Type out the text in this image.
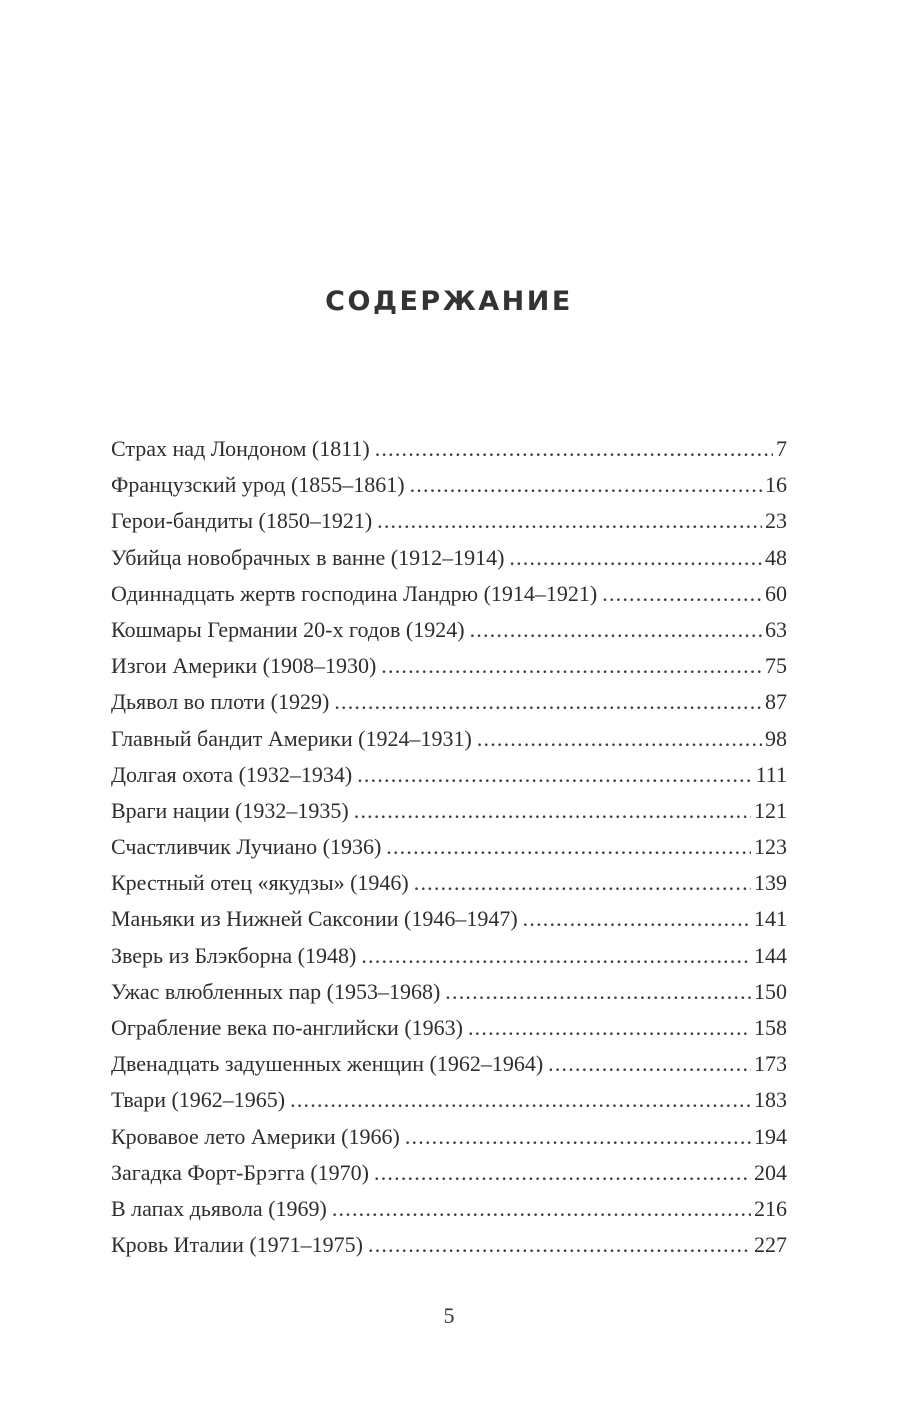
СОДЕРЖАНИЕ
Страх над Лондоном (1811) .....	7
Французский урод (1855–1861) .....	16
Герои-бандиты (1850–1921) .....	23
Убийца новобрачных в ванне (1912–1914) .....	48
Одиннадцать жертв господина Ландрю (1914–1921) .....	60
Кошмары Германии 20-х годов (1924) .....	63
Изгои Америки (1908–1930) .....	75
Дьявол во плоти (1929) .....	87
Главный бандит Америки (1924–1931) .....	98
Долгая охота (1932–1934) .....	111
Враги нации (1932–1935) .....	121
Счастливчик Лучиано (1936) .....	123
Крестный отец «якудзы» (1946) .....	139
Маньяки из Нижней Саксонии (1946–1947) .....	141
Зверь из Блэкборна (1948) .....	144
Ужас влюбленных пар (1953–1968) .....	150
Ограбление века по-английски (1963) .....	158
Двенадцать задушенных женщин (1962–1964) .....	173
Твари (1962–1965) .....	183
Кровавое лето Америки (1966) .....	194
Загадка Форт-Брэгга (1970) .....	204
В лапах дьявола (1969) .....	216
Кровь Италии (1971–1975) .....	227
5
